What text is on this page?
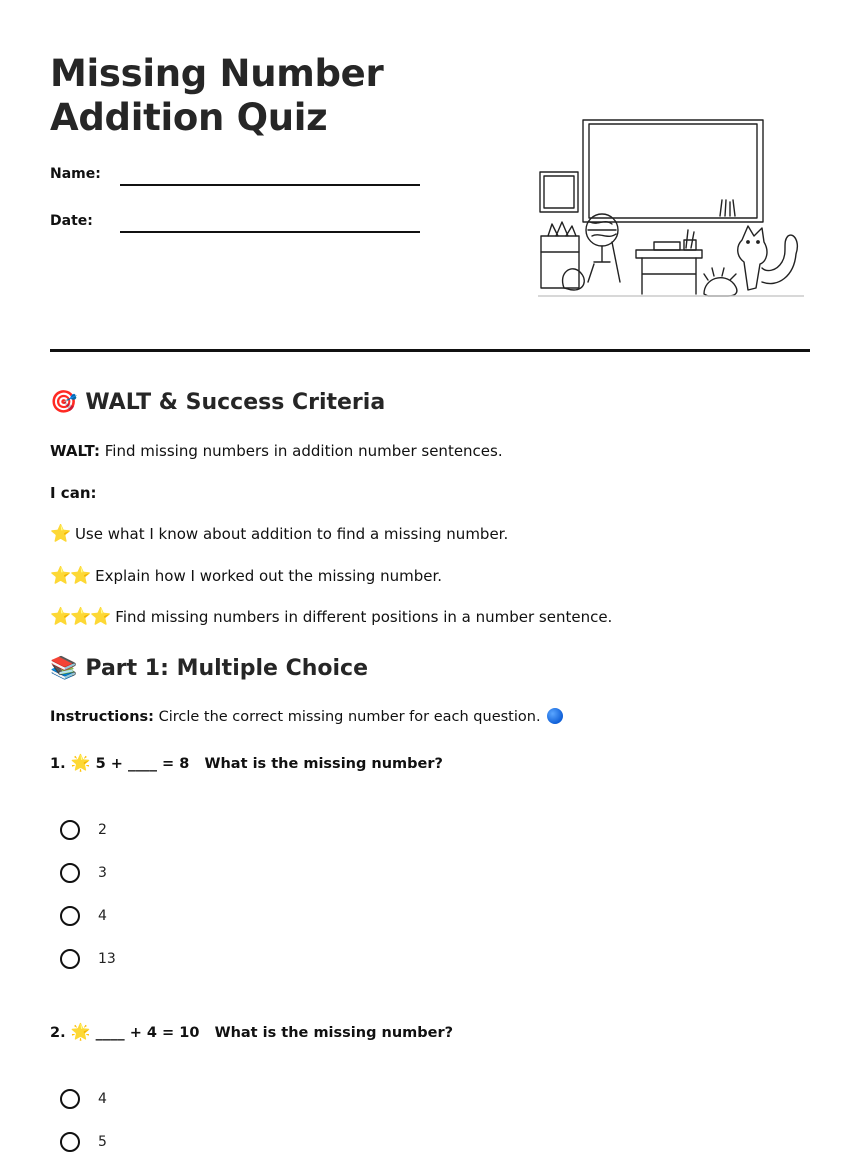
Missing Number
Addition Quiz
Name:
Date:
🎯 WALT & Success Criteria
WALT: Find missing numbers in addition number sentences.
I can:
⭐ Use what I know about addition to find a missing number.
⭐⭐ Explain how I worked out the missing number.
⭐⭐⭐ Find missing numbers in different positions in a number sentence.
📚 Part 1: Multiple Choice
Instructions: Circle the correct missing number for each question.
1. 🌟 5 + ____ = 8 What is the missing number?
2
3
4
13
2. 🌟 ____ + 4 = 10 What is the missing number?
4
5
